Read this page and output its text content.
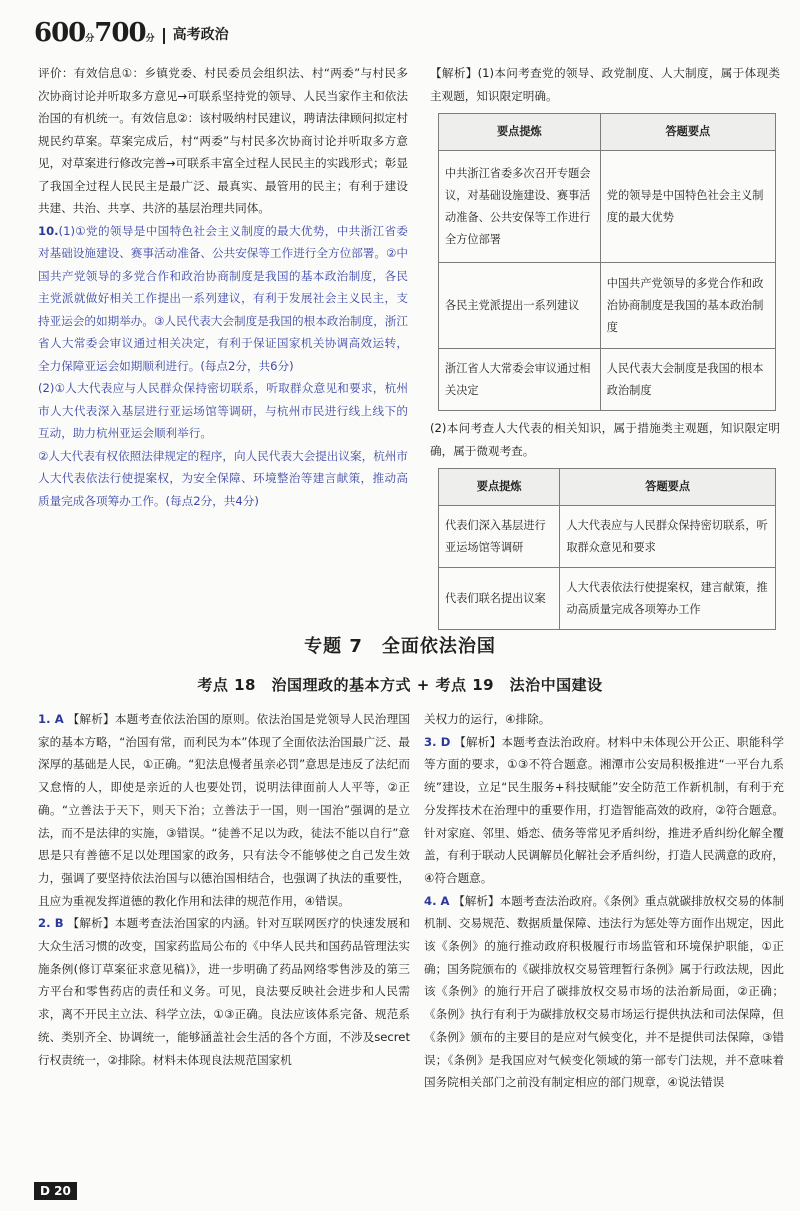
600分700分 高考政治

评价：有效信息①：乡镇党委、村民委员会组织法、村“两委”与村民多次协商讨论并听取多方意见→可联系坚持党的领导、人民当家作主和依法治国的有机统一。有效信息②：该村吸纳村民建议，聘请法律顾问拟定村规民约草案。草案完成后，村“两委”与村民多次协商讨论并听取多方意见，对草案进行修改完善→可联系丰富全过程人民民主的实践形式；彰显了我国全过程人民民主是最广泛、最真实、最管用的民主；有利于建设共建、共治、共享、共济的基层治理共同体。

10.(1)①党的领导是中国特色社会主义制度的最大优势，中共浙江省委对基础设施建设、赛事活动准备、公共安保等工作进行全方位部署。②中国共产党领导的多党合作和政治协商制度是我国的基本政治制度，各民主党派就做好相关工作提出一系列建议，有利于发展社会主义民主，支持亚运会的如期举办。③人民代表大会制度是我国的根本政治制度，浙江省人大常委会审议通过相关决定，有利于保证国家机关协调高效运转，全力保障亚运会如期顺利进行。(每点2分，共6分)

(2)①人大代表应与人民群众保持密切联系，听取群众意见和要求，杭州市人大代表深入基层进行亚运场馆等调研，与杭州市民进行线上线下的互动，助力杭州亚运会顺利举行。

②人大代表有权依照法律规定的程序，向人民代表大会提出议案，杭州市人大代表依法行使提案权，为安全保障、环境整治等建言献策，推动高质量完成各项筹办工作。(每点2分，共4分)

【解析】(1)本问考查党的领导、政党制度、人大制度，属于体现类主观题，知识限定明确。

要点提炼	答题要点
中共浙江省委多次召开专题会议，对基础设施建设、赛事活动准备、公共安保等工作进行全方位部署	党的领导是中国特色社会主义制度的最大优势
各民主党派提出一系列建议	中国共产党领导的多党合作和政治协商制度是我国的基本政治制度
浙江省人大常委会审议通过相关决定	人民代表大会制度是我国的根本政治制度

(2)本问考查人大代表的相关知识，属于措施类主观题，知识限定明确，属于微观考查。

要点提炼	答题要点
代表们深入基层进行亚运场馆等调研	人大代表应与人民群众保持密切联系，听取群众意见和要求
代表们联名提出议案	人大代表依法行使提案权，建言献策，推动高质量完成各项筹办工作
专题 7　全面依法治国
考点 18　治国理政的基本方式 + 考点 19　法治中国建设

1. A 【解析】本题考查依法治国的原则。依法治国是党领导人民治理国家的基本方略，“治国有常，而利民为本”体现了全面依法治国最广泛、最深厚的基础是人民，①正确。“犯法息慢者虽亲必罚”意思是违反了法纪而又怠惰的人，即使是亲近的人也要处罚，说明法律面前人人平等，②正确。“立善法于天下，则天下治；立善法于一国，则一国治”强调的是立法，而不是法律的实施，③错误。“徒善不足以为政，徒法不能以自行”意思是只有善德不足以处理国家的政务，只有法令不能够使之自己发生效力，强调了要坚持依法治国与以德治国相结合，也强调了执法的重要性，且应为重视发挥道德的教化作用和法律的规范作用，④错误。

2. B 【解析】本题考查法治国家的内涵。针对互联网医疗的快速发展和大众生活习惯的改变，国家药监局公布的《中华人民共和国药品管理法实施条例(修订草案征求意见稿)》，进一步明确了药品网络零售涉及的第三方平台和零售药店的责任和义务。可见，良法要反映社会进步和人民需求，离不开民主立法、科学立法，①③正确。良法应该体系完备、规范系统、类别齐全、协调统一，能够涵盖社会生活的各个方面，不涉及secret行权责统一，②排除。材料未体现良法规范国家机

关权力的运行，④排除。

3. D 【解析】本题考查法治政府。材料中未体现公开公正、职能科学等方面的要求，①③不符合题意。湘潭市公安局积极推进“一平台九系统”建设，立足“民生服务+科技赋能”安全防范工作新机制，有利于充分发挥技术在治理中的重要作用，打造智能高效的政府，②符合题意。针对家庭、邻里、婚恋、债务等常见矛盾纠纷，推进矛盾纠纷化解全覆盖，有利于联动人民调解员化解社会矛盾纠纷，打造人民满意的政府，④符合题意。

4. A 【解析】本题考查法治政府。《条例》重点就碳排放权交易的体制机制、交易规范、数据质量保障、违法行为惩处等方面作出规定，因此该《条例》的施行推动政府积极履行市场监管和环境保护职能，①正确；国务院颁布的《碳排放权交易管理暂行条例》属于行政法规，因此该《条例》的施行开启了碳排放权交易市场的法治新局面，②正确；《条例》执行有利于为碳排放权交易市场运行提供执法和司法保障，但《条例》颁布的主要目的是应对气候变化，并不是提供司法保障，③错误；《条例》是我国应对气候变化领域的第一部专门法规，并不意味着国务院相关部门之前没有制定相应的部门规章，④说法错误

D 20
